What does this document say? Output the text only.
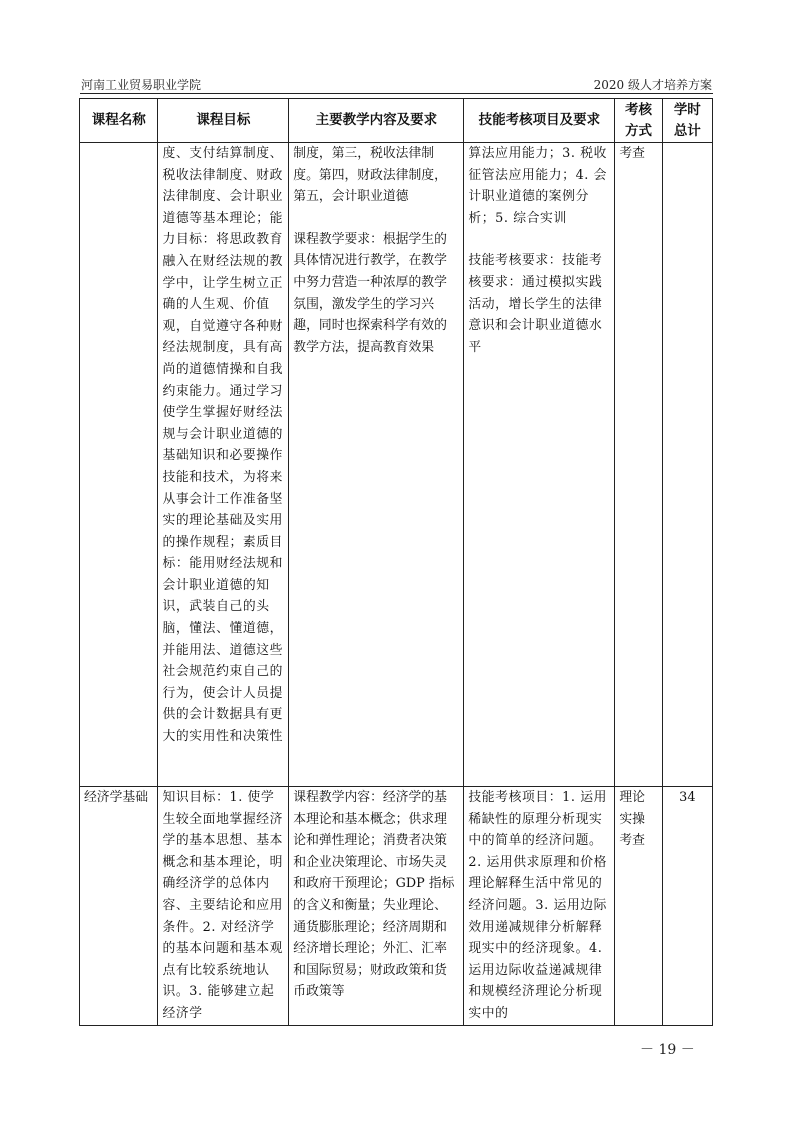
河南工业贸易职业学院	2020 级人才培养方案
课程名称	课程目标	主要教学内容及要求	技能考核项目及要求	
考核
方式

学时
总计

	度、支付结算制度、税收法律制度、财政法律制度、会计职业道德等基本理论；能力目标：将思政教育融入在财经法规的教学中，让学生树立正确的人生观、价值观，自觉遵守各种财经法规制度，具有高尚的道德情操和自我约束能力。通过学习使学生掌握好财经法规与会计职业道德的基础知识和必要操作技能和技术，为将来从事会计工作准备坚实的理论基础及实用的操作规程；素质目标：能用财经法规和会计职业道德的知识，武装自己的头脑，懂法、懂道德，并能用法、道德这些社会规范约束自己的行为，使会计人员提供的会计数据具有更大的实用性和决策性	
制度，第三，税收法律制度。第四，财政法律制度，第五，会计职业道德
课程教学要求：根据学生的具体情况进行教学，在教学中努力营造一种浓厚的教学氛围，激发学生的学习兴趣，同时也探索科学有效的教学方法，提高教育效果

算法应用能力；3. 税收征管法应用能力；4. 会计职业道德的案例分析；5. 综合实训
技能考核要求：技能考核要求：通过模拟实践活动，增长学生的法律意识和会计职业道德水平
	考查	
经济学基础	知识目标：1. 使学生较全面地掌握经济学的基本思想、基本概念和基本理论，明确经济学的总体内容、主要结论和应用条件。2. 对经济学的基本问题和基本观点有比较系统地认识。3. 能够建立起经济学	课程教学内容：经济学的基本理论和基本概念；供求理论和弹性理论；消费者决策和企业决策理论、市场失灵和政府干预理论；GDP 指标的含义和衡量；失业理论、通货膨胀理论；经济周期和经济增长理论；外汇、汇率和国际贸易；财政政策和货币政策等	技能考核项目：1. 运用稀缺性的原理分析现实中的简单的经济问题。2. 运用供求原理和价格理论解释生活中常见的经济问题。3. 运用边际效用递减规律分析解释现实中的经济现象。4. 运用边际收益递减规律和规模经济理论分析现实中的	
理论
实操
考查
	34
－ 19 －
